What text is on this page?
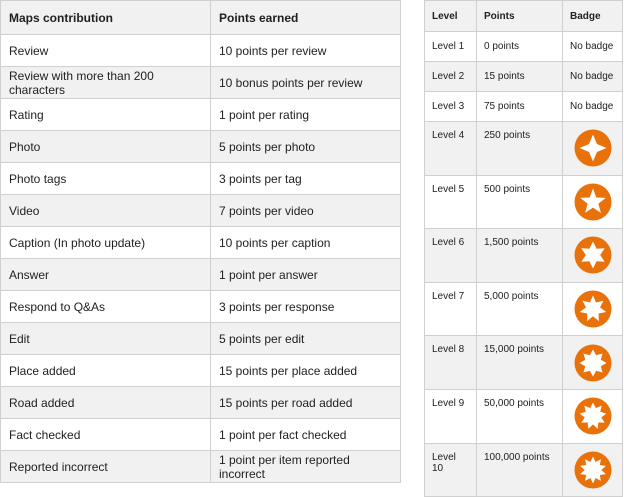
Maps contribution	Points earned
Review	10 points per review
Review with more than 200 characters	10 bonus points per review
Rating	1 point per rating
Photo	5 points per photo
Photo tags	3 points per tag
Video	7 points per video
Caption (In photo update)	10 points per caption
Answer	1 point per answer
Respond to Q&As	3 points per response
Edit	5 points per edit
Place added	15 points per place added
Road added	15 points per road added
Fact checked	1 point per fact checked
Reported incorrect	1 point per item reported incorrect
Level	Points	Badge
Level 1	0 points	No badge
Level 2	15 points	No badge
Level 3	75 points	No badge
Level 4	250 points	

Level 5	500 points	

Level 6	1,500 points	

Level 7	5,000 points	

Level 8	15,000 points	

Level 9	50,000 points	

Level 10	100,000 points	
